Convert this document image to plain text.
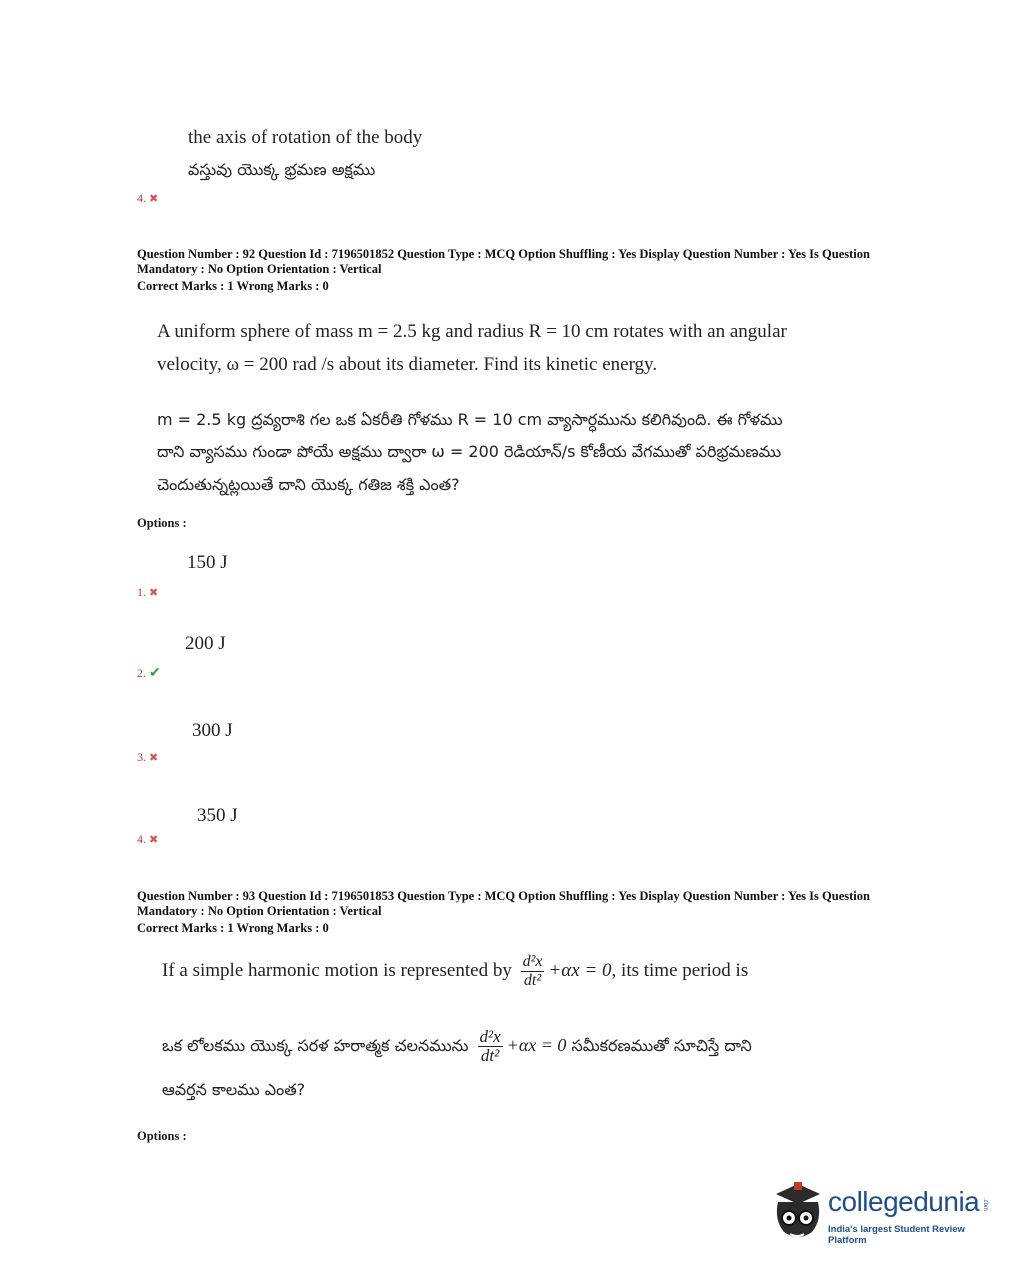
the axis of rotation of the body
వస్తువు యొక్క భ్రమణ అక్షము
4. ✖
Question Number : 92 Question Id : 7196501852 Question Type : MCQ Option Shuffling : Yes Display Question Number : Yes Is Question
Mandatory : No Option Orientation : Vertical
Correct Marks : 1 Wrong Marks : 0
A uniform sphere of mass m = 2.5 kg and radius R = 10 cm rotates with an angular
velocity, ω = 200 rad /s about its diameter. Find its kinetic energy.
m = 2.5 kg ద్రవ్యరాశి గల ఒక ఏకరీతి గోళము R = 10 cm వ్యాసార్ధమును కలిగివుంది. ఈ గోళము
దాని వ్యాసము గుండా పోయే అక్షము ద్వారా ω = 200 రెడియాన్/s కోణీయ వేగముతో పరిభ్రమణము
చెందుతున్నట్లయితే దాని యొక్క గతిజ శక్తి ఎంత?
Options :
150 J
1. ✖
200 J
2. ✔
300 J
3. ✖
350 J
4. ✖
Question Number : 93 Question Id : 7196501853 Question Type : MCQ Option Shuffling : Yes Display Question Number : Yes Is Question
Mandatory : No Option Orientation : Vertical
Correct Marks : 1 Wrong Marks : 0
If a simple harmonic motion is represented by $\frac{\text{d²x}}{\text{dt²}} +\alpha x = 0$, its time period is
ఒక లోలకము యొక్క సరళ హరాత్మక చలనమును $\frac{\text{d²x}}{\text{dt²}} +\alpha x = 0$ సమీకరణముతో సూచిస్తే దాని
ఆవర్తన కాలము ఎంత?
Options :
collegedunia .com
India's largest Student Review Platform
